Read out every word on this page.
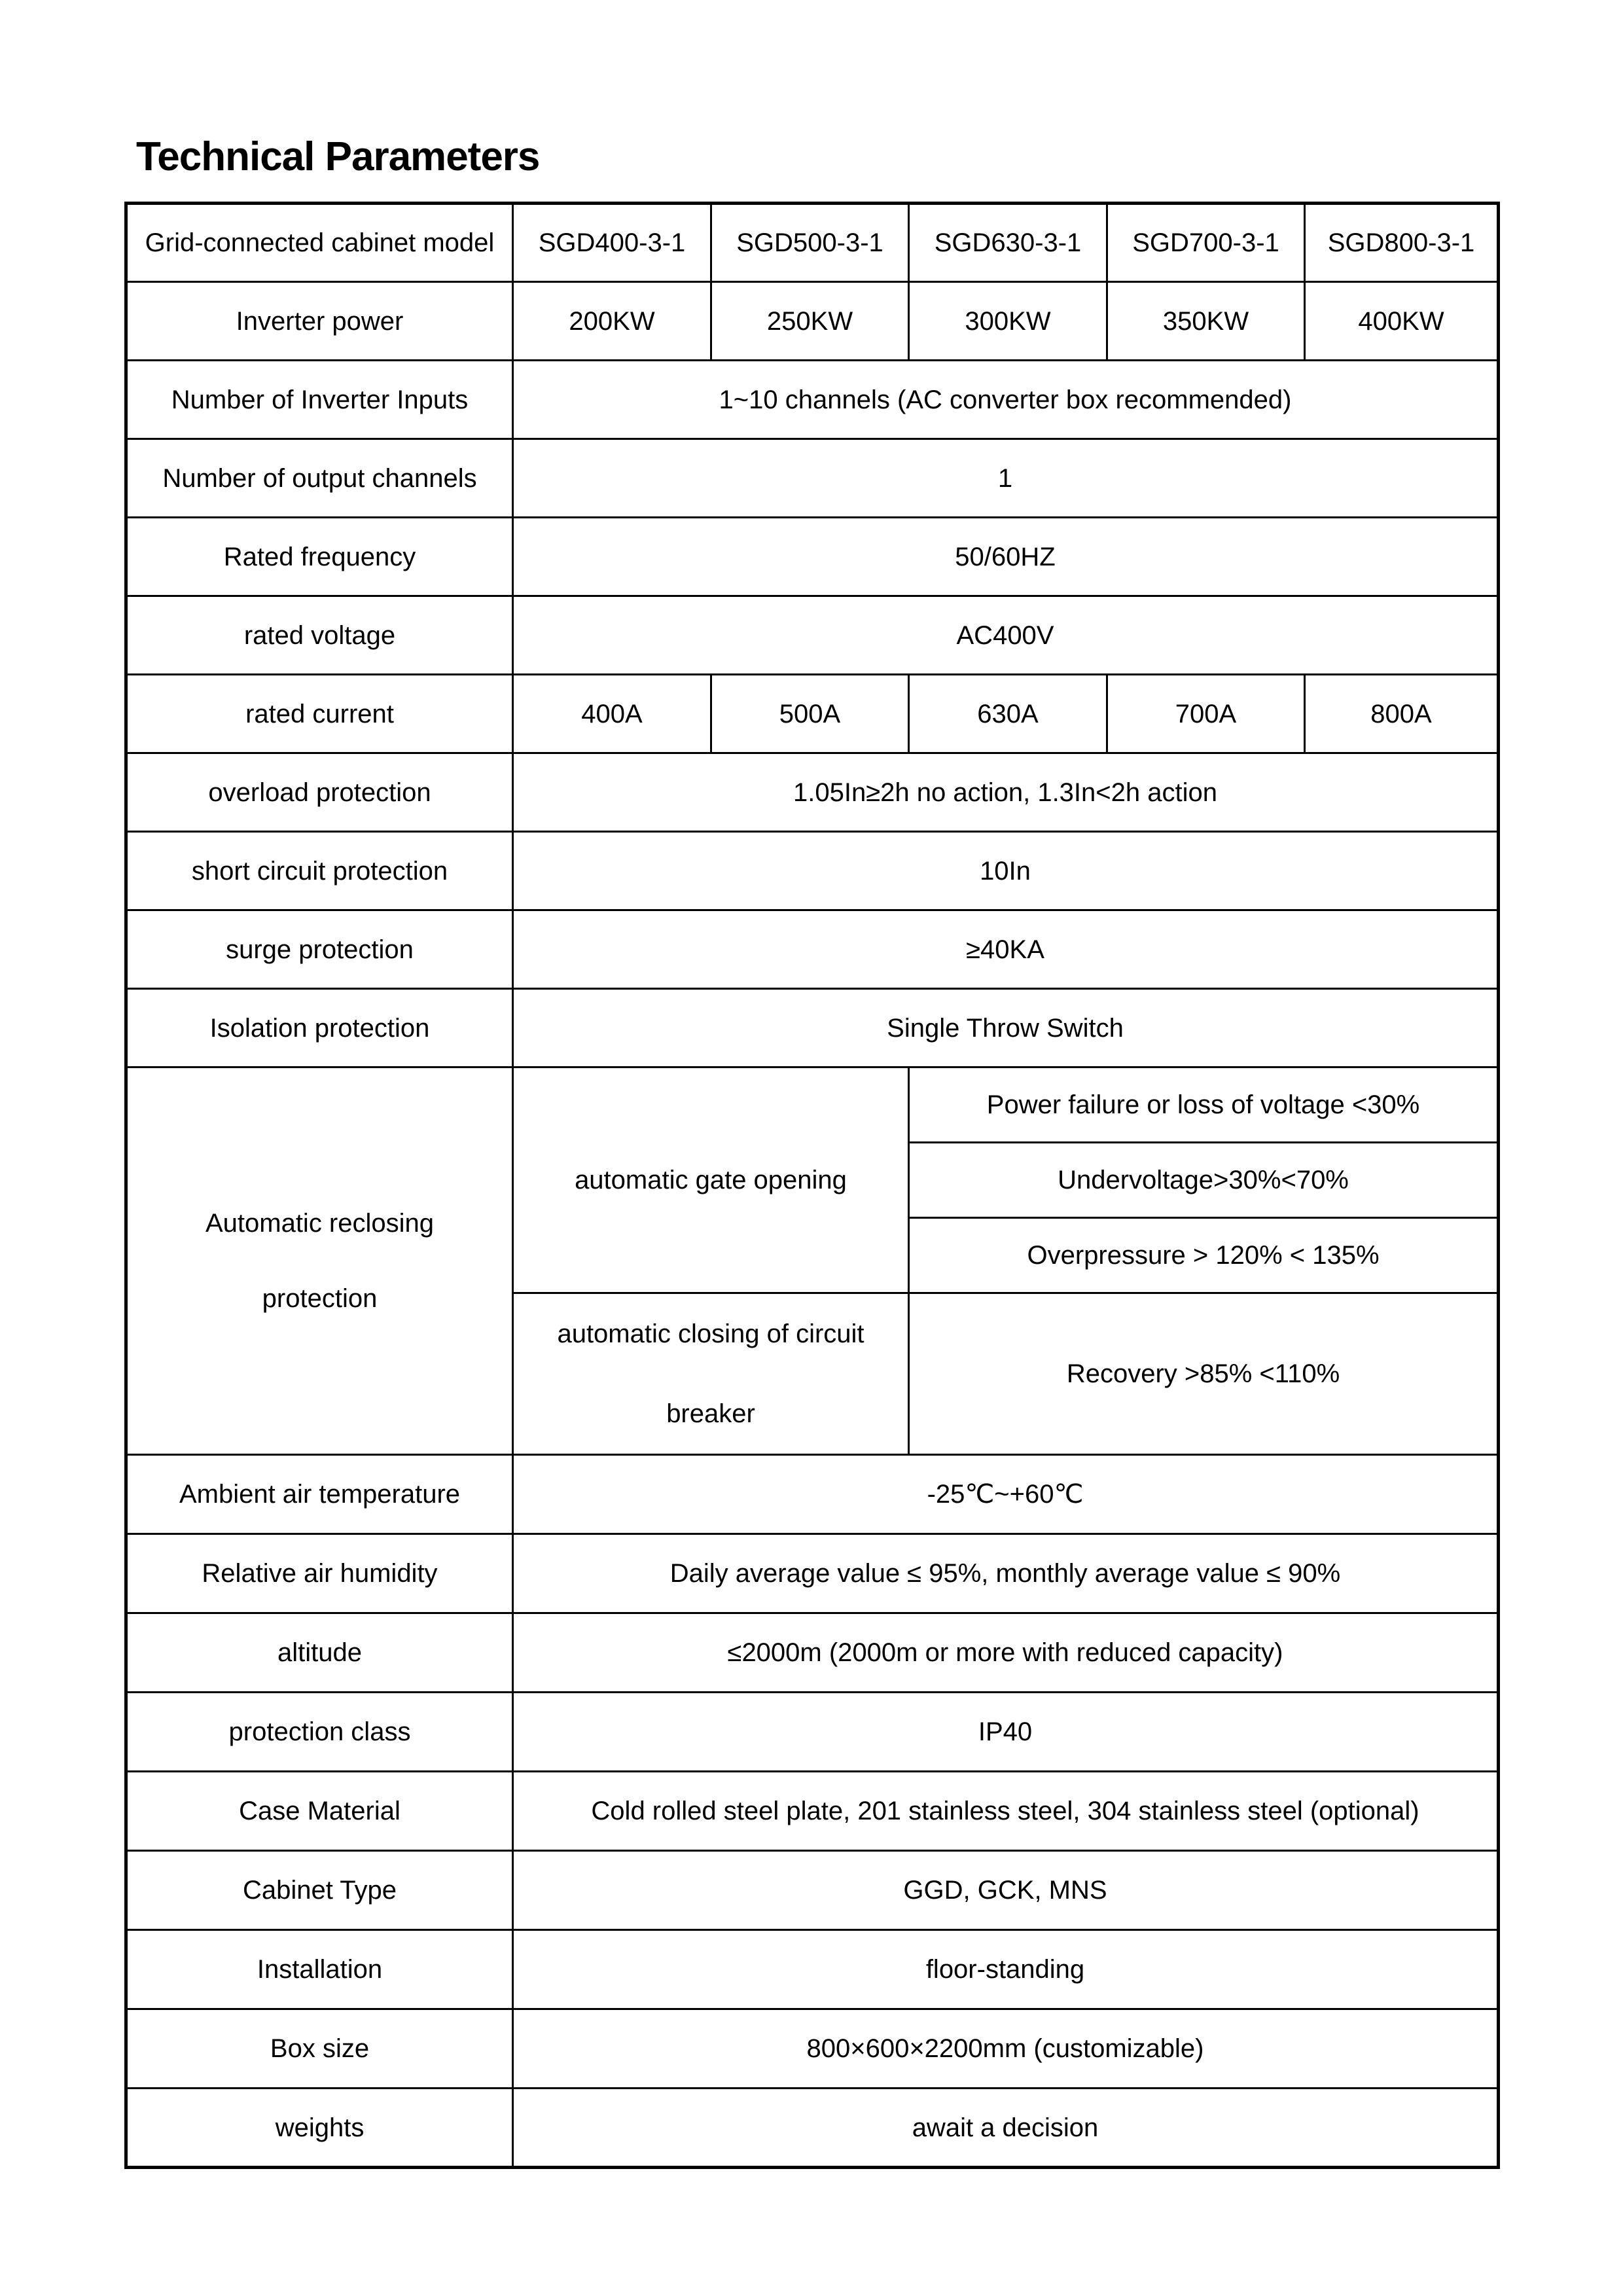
Technical Parameters
Grid-connected cabinet model	SGD400-3-1	SGD500-3-1	SGD630-3-1	SGD700-3-1	SGD800-3-1
Inverter power	200KW	250KW	300KW	350KW	400KW
Number of Inverter Inputs	1~10 channels (AC converter box recommended)				
Number of output channels	1				
Rated frequency	50/60HZ				
rated voltage	AC400V				
rated current	400A	500A	630A	700A	800A
overload protection	1.05In≥2h no action, 1.3In<2h action				
short circuit protection	10In				
surge protection	≥40KA				
Isolation protection	Single Throw Switch				
Automatic reclosing protection	automatic gate opening		Power failure or loss of voltage <30%		
			Undervoltage>30%<70%		
			Overpressure > 120% < 135%		
	automatic closing of circuit breaker		Recovery >85% <110%		
Ambient air temperature	-25℃~+60℃				
Relative air humidity	Daily average value ≤ 95%, monthly average value ≤ 90%				
altitude	≤2000m (2000m or more with reduced capacity)				
protection class	IP40				
Case Material	Cold rolled steel plate, 201 stainless steel, 304 stainless steel (optional)				
Cabinet Type	GGD, GCK, MNS				
Installation	floor-standing				
Box size	800×600×2200mm (customizable)				
weights	await a decision				
